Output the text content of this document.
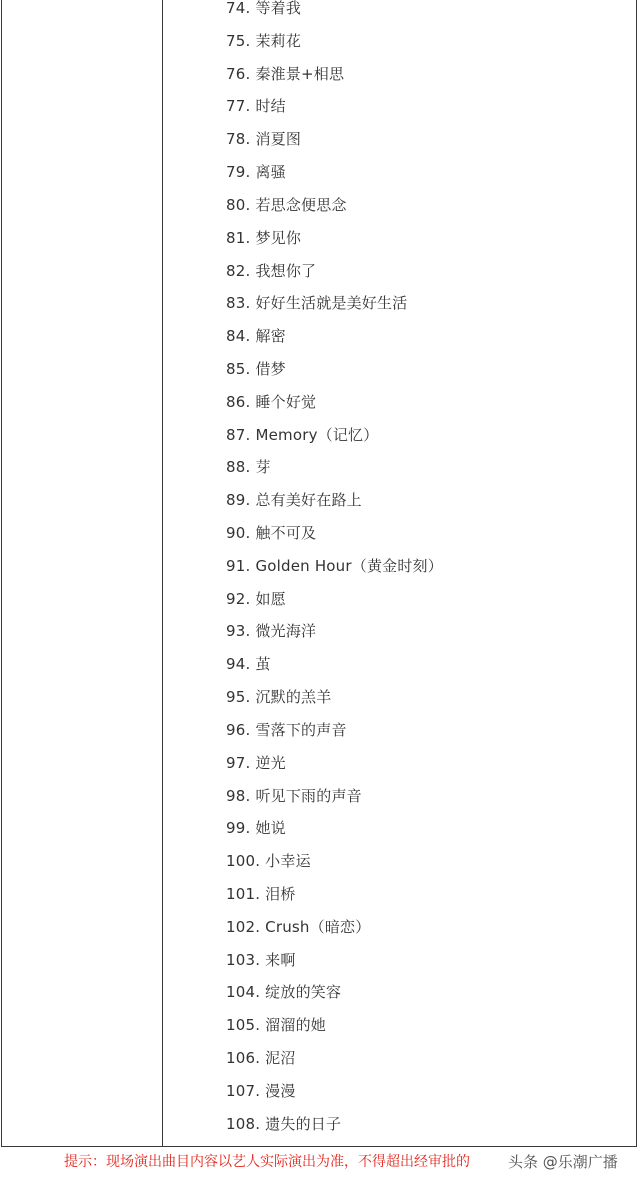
74. 等着我
75. 茉莉花
76. 秦淮景+相思
77. 时结
78. 消夏图
79. 离骚
80. 若思念便思念
81. 梦见你
82. 我想你了
83. 好好生活就是美好生活
84. 解密
85. 借梦
86. 睡个好觉
87. Memory（记忆）
88. 芽
89. 总有美好在路上
90. 触不可及
91. Golden Hour（黄金时刻）
92. 如愿
93. 微光海洋
94. 茧
95. 沉默的羔羊
96. 雪落下的声音
97. 逆光
98. 听见下雨的声音
99. 她说
100. 小幸运
101. 泪桥
102. Crush（暗恋）
103. 来啊
104. 绽放的笑容
105. 溜溜的她
106. 泥沼
107. 漫漫
108. 遗失的日子
提示：现场演出曲目内容以艺人实际演出为准，不得超出经审批的	头条 @乐潮广播
